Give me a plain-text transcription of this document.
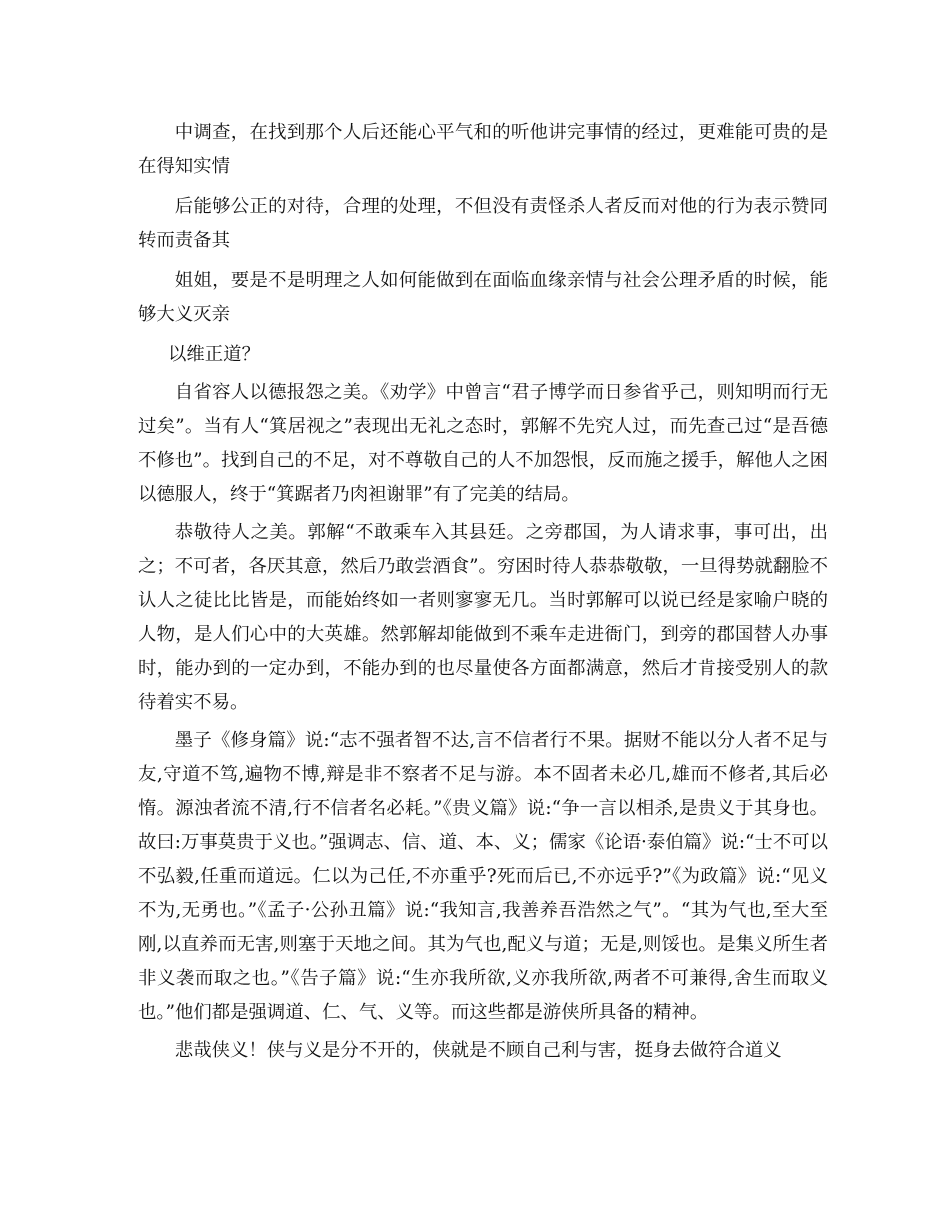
中调查，在找到那个人后还能心平气和的听他讲完事情的经过，更难能可贵的是在得知实情

后能够公正的对待，合理的处理，不但没有责怪杀人者反而对他的行为表示赞同转而责备其

姐姐，要是不是明理之人如何能做到在面临血缘亲情与社会公理矛盾的时候，能够大义灭亲

以维正道？

自省容人以德报怨之美。《劝学》中曾言“君子博学而日参省乎己，则知明而行无过矣”。当有人“箕居视之”表现出无礼之态时，郭解不先究人过，而先查己过“是吾德不修也”。找到自己的不足，对不尊敬自己的人不加怨恨，反而施之援手，解他人之困以德服人，终于“箕踞者乃肉袒谢罪”有了完美的结局。

恭敬待人之美。郭解“不敢乘车入其县廷。之旁郡国，为人请求事，事可出，出之；不可者，各厌其意，然后乃敢尝酒食”。穷困时待人恭恭敬敬，一旦得势就翻脸不认人之徒比比皆是，而能始终如一者则寥寥无几。当时郭解可以说已经是家喻户晓的人物，是人们心中的大英雄。然郭解却能做到不乘车走进衙门，到旁的郡国替人办事时，能办到的一定办到，不能办到的也尽量使各方面都满意，然后才肯接受别人的款待着实不易。

墨子《修身篇》说:“志不强者智不达,言不信者行不果。据财不能以分人者不足与友,守道不笃,遍物不博,辩是非不察者不足与游。本不固者未必几,雄而不修者,其后必惰。源浊者流不清,行不信者名必耗。”《贵义篇》说:“争一言以相杀,是贵义于其身也。故曰:万事莫贵于义也。”强调志、信、道、本、义；儒家《论语·泰伯篇》说:“士不可以不弘毅,任重而道远。仁以为己任,不亦重乎?死而后已,不亦远乎?”《为政篇》说:“见义不为,无勇也。”《孟子·公孙丑篇》说:“我知言,我善养吾浩然之气”。“其为气也,至大至刚,以直养而无害,则塞于天地之间。其为气也,配义与道；无是,则馁也。是集义所生者非义袭而取之也。”《告子篇》说:“生亦我所欲,义亦我所欲,两者不可兼得,舍生而取义也。”他们都是强调道、仁、气、义等。而这些都是游侠所具备的精神。

悲哉侠义！侠与义是分不开的，侠就是不顾自己利与害，挺身去做符合道义
